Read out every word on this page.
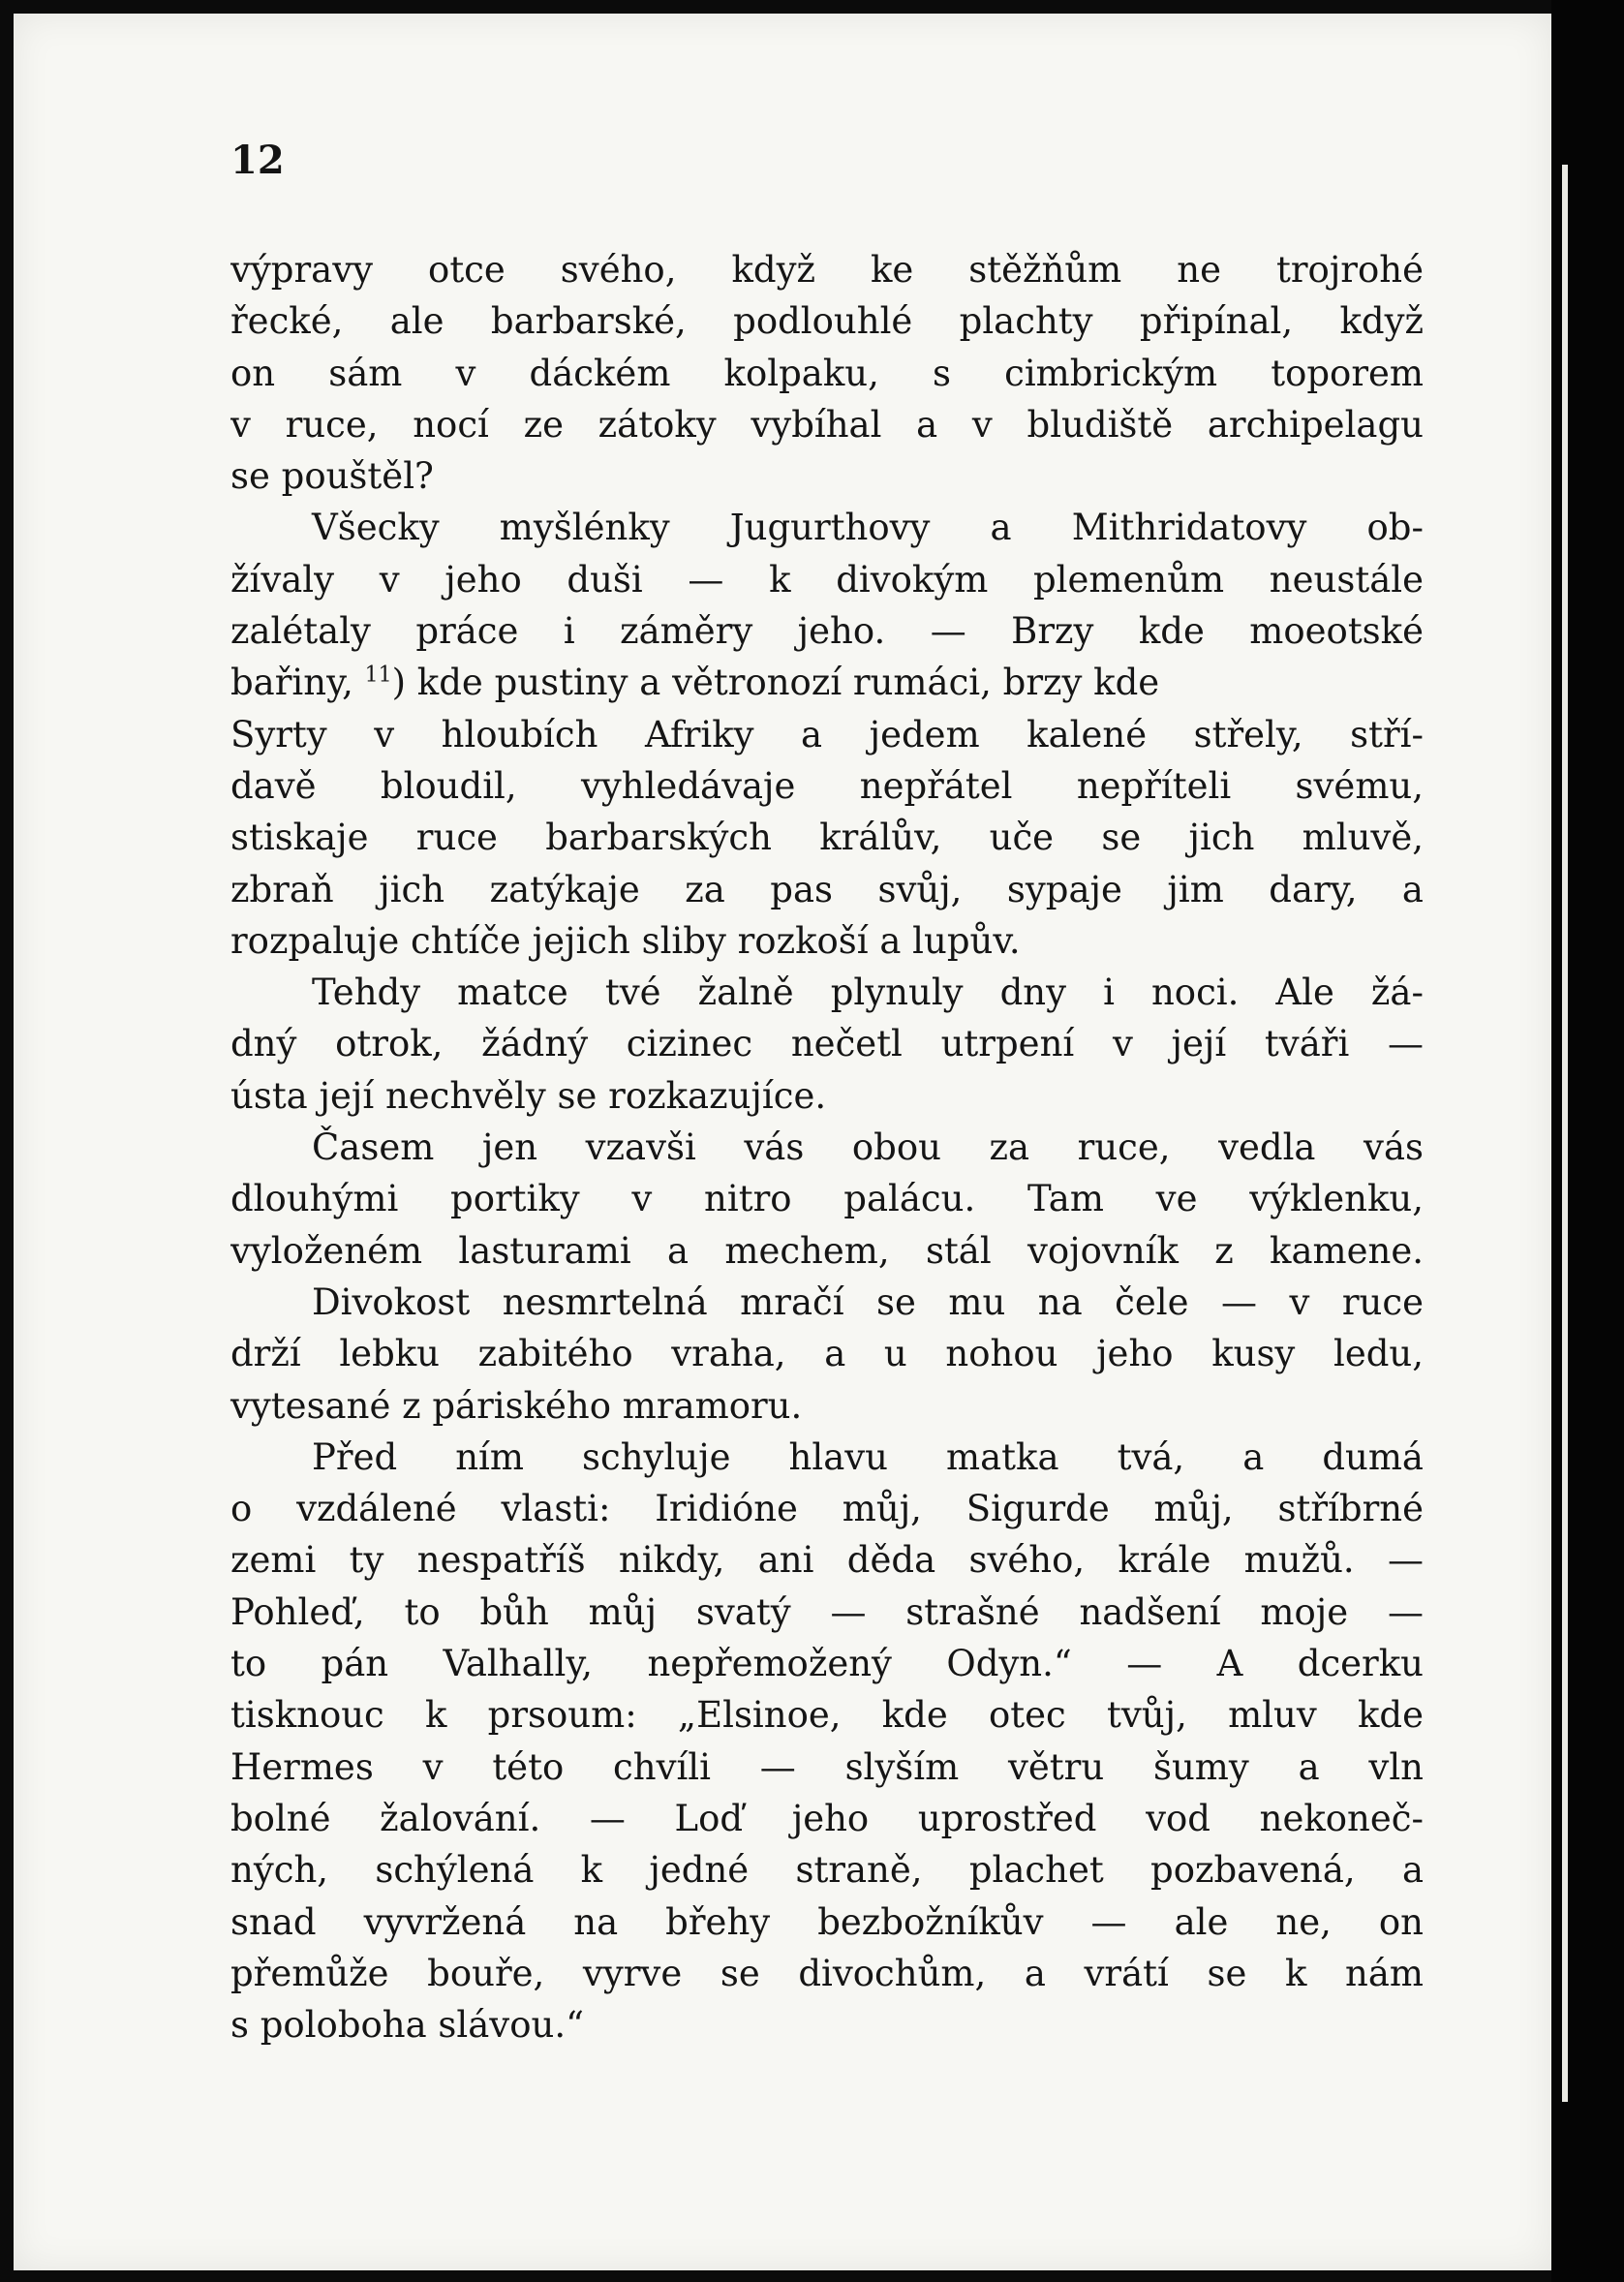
12
výpravy otce svého, když ke stěžňům ne trojrohé
řecké, ale barbarské, podlouhlé plachty připínal, když
on sám v dáckém kolpaku, s cimbrickým toporem
v ruce, nocí ze zátoky vybíhal a v bludiště archipelagu
se pouštěl?
Všecky myšlénky Jugurthovy a Mithridatovy ob-
žívaly v jeho duši — k divokým plemenům neustále
zalétaly práce i záměry jeho. — Brzy kde moeotské
bařiny, $^{11}$) kde pustiny a větronozí rumáci, brzy kde
Syrty v hloubích Afriky a jedem kalené střely, stří-
davě bloudil, vyhledávaje nepřátel nepříteli svému,
stiskaje ruce barbarských králův, uče se jich mluvě,
zbraň jich zatýkaje za pas svůj, sypaje jim dary, a
rozpaluje chtíče jejich sliby rozkoší a lupův.
Tehdy matce tvé žalně plynuly dny i noci. Ale žá-
dný otrok, žádný cizinec nečetl utrpení v její tváři —
ústa její nechvěly se rozkazujíce.
Časem jen vzavši vás obou za ruce, vedla vás
dlouhými portiky v nitro palácu. Tam ve výklenku,
vyloženém lasturami a mechem, stál vojovník z kamene.
Divokost nesmrtelná mračí se mu na čele — v ruce
drží lebku zabitého vraha, a u nohou jeho kusy ledu,
vytesané z páriského mramoru.
Před ním schyluje hlavu matka tvá, a dumá
o vzdálené vlasti: Iridióne můj, Sigurde můj, stříbrné
zemi ty nespatříš nikdy, ani děda svého, krále mužů. —
Pohleď, to bůh můj svatý — strašné nadšení moje —
to pán Valhally, nepřemožený Odyn.“ — A dcerku
tisknouc k prsoum: „Elsinoe, kde otec tvůj, mluv kde
Hermes v této chvíli — slyším větru šumy a vln
bolné žalování. — Loď jeho uprostřed vod nekoneč-
ných, schýlená k jedné straně, plachet pozbavená, a
snad vyvržená na břehy bezbožníkův — ale ne, on
přemůže bouře, vyrve se divochům, a vrátí se k nám
s poloboha slávou.“
